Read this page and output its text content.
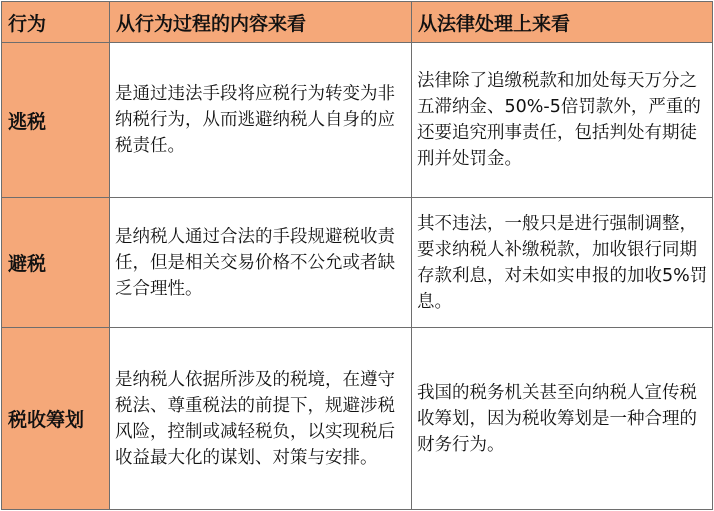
行为	从行为过程的内容来看	从法律处理上来看
逃税	是通过违法手段将应税行为转变为非纳税行为，从而逃避纳税人自身的应税责任。	法律除了追缴税款和加处每天万分之五滞纳金、50%-5倍罚款外，严重的还要追究刑事责任，包括判处有期徒刑并处罚金。
避税	是纳税人通过合法的手段规避税收责任，但是相关交易价格不公允或者缺乏合理性。	其不违法，一般只是进行强制调整，要求纳税人补缴税款，加收银行同期存款利息，对未如实申报的加收5%罚息。
税收筹划	是纳税人依据所涉及的税境，在遵守税法、尊重税法的前提下，规避涉税风险，控制或减轻税负，以实现税后收益最大化的谋划、对策与安排。	我国的税务机关甚至向纳税人宣传税收筹划，因为税收筹划是一种合理的财务行为。
